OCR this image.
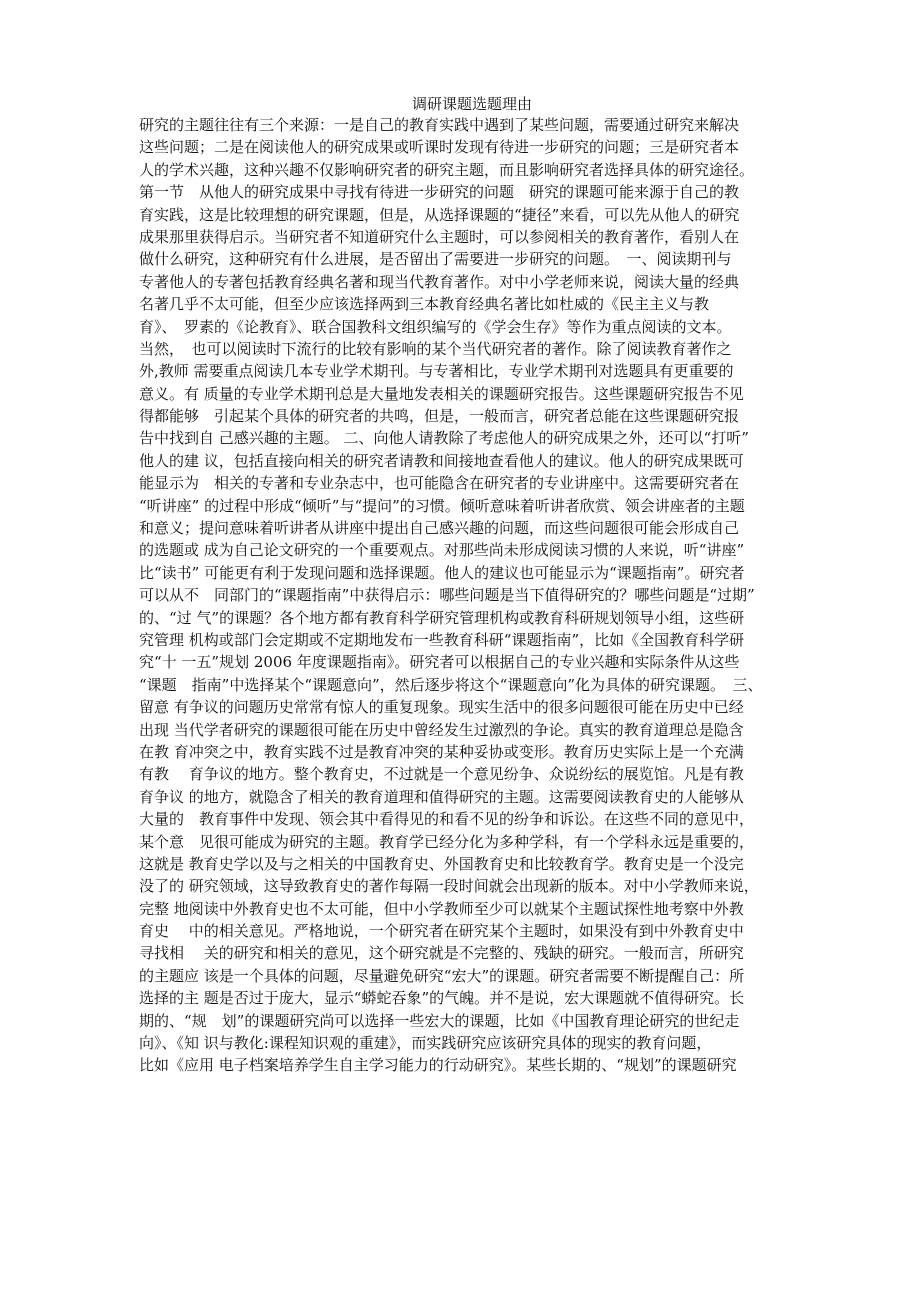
调研课题选题理由
研究的主题往往有三个来源：一是自己的教育实践中遇到了某些问题，需要通过研究来解决
这些问题；二是在阅读他人的研究成果或听课时发现有待进一步研究的问题；三是研究者本
人的学术兴趣，这种兴趣不仅影响研究者的研究主题，而且影响研究者选择具体的研究途径。
第一节　从他人的研究成果中寻找有待进一步研究的问题　研究的课题可能来源于自己的教
育实践，这是比较理想的研究课题，但是，从选择课题的“捷径”来看，可以先从他人的研究
成果那里获得启示。当研究者不知道研究什么主题时，可以参阅相关的教育著作，看别人在
做什么研究，这种研究有什么进展，是否留出了需要进一步研究的问题。　一、阅读期刊与
专著他人的专著包括教育经典名著和现当代教育著作。对中小学老师来说，阅读大量的经典
名著几乎不太可能，但至少应该选择两到三本教育经典名著比如杜威的《民主主义与教
育》、　罗素的《论教育》、联合国教科文组织编写的《学会生存》等作为重点阅读的文本。
当然，　也可以阅读时下流行的比较有影响的某个当代研究者的著作。除了阅读教育著作之
外,教师 需要重点阅读几本专业学术期刊。与专著相比，专业学术期刊对选题具有更重要的
意义。有 质量的专业学术期刊总是大量地发表相关的课题研究报告。这些课题研究报告不见
得都能够　引起某个具体的研究者的共鸣，但是，一般而言，研究者总能在这些课题研究报
告中找到自 己感兴趣的主题。 二、向他人请教除了考虑他人的研究成果之外，还可以“打听”
他人的建 议，包括直接向相关的研究者请教和间接地查看他人的建议。他人的研究成果既可
能显示为　相关的专著和专业杂志中，也可能隐含在研究者的专业讲座中。这需要研究者在
“听讲座” 的过程中形成“倾听”与“提问”的习惯。倾听意味着听讲者欣赏、领会讲座者的主题
和意义；提问意味着听讲者从讲座中提出自己感兴趣的问题，而这些问题很可能会形成自己
的选题或 成为自己论文研究的一个重要观点。对那些尚未形成阅读习惯的人来说，听“讲座”
比“读书” 可能更有利于发现问题和选择课题。他人的建议也可能显示为“课题指南”。研究者
可以从不　同部门的“课题指南”中获得启示：哪些问题是当下值得研究的？哪些问题是“过期”
的、“过 气”的课题？各个地方都有教育科学研究管理机构或教育科研规划领导小组，这些研
究管理 机构或部门会定期或不定期地发布一些教育科研“课题指南”，比如《全国教育科学研
究“十 一五”规划 2006 年度课题指南》。研究者可以根据自己的专业兴趣和实际条件从这些
“课题　指南”中选择某个“课题意向”，然后逐步将这个“课题意向”化为具体的研究课题。　三、
留意 有争议的问题历史常常有惊人的重复现象。现实生活中的很多问题很可能在历史中已经
出现 当代学者研究的课题很可能在历史中曾经发生过激烈的争论。真实的教育道理总是隐含
在教 育冲突之中，教育实践不过是教育冲突的某种妥协或变形。教育历史实际上是一个充满
有教　 育争议的地方。整个教育史，不过就是一个意见纷争、众说纷纭的展览馆。凡是有教
育争议 的地方，就隐含了相关的教育道理和值得研究的主题。这需要阅读教育史的人能够从
大量的　教育事件中发现、领会其中看得见的和看不见的纷争和诉讼。在这些不同的意见中，
某个意　见很可能成为研究的主题。教育学已经分化为多种学科，有一个学科永远是重要的，
这就是 教育史学以及与之相关的中国教育史、外国教育史和比较教育学。教育史是一个没完
没了的 研究领域，这导致教育史的著作每隔一段时间就会出现新的版本。对中小学教师来说，
完整 地阅读中外教育史也不太可能，但中小学教师至少可以就某个主题试探性地考察中外教
育史　 中的相关意见。严格地说，一个研究者在研究某个主题时，如果没有到中外教育史中
寻找相　 关的研究和相关的意见，这个研究就是不完整的、残缺的研究。一般而言，所研究
的主题应 该是一个具体的问题，尽量避免研究“宏大”的课题。研究者需要不断提醒自己：所
选择的主 题是否过于庞大，显示“蟒蛇吞象”的气魄。并不是说，宏大课题就不值得研究。长
期的、“规　划”的课题研究尚可以选择一些宏大的课题，比如《中国教育理论研究的世纪走
向》、《知 识与教化:课程知识观的重建》，而实践研究应该研究具体的现实的教育问题，
比如《应用 电子档案培养学生自主学习能力的行动研究》。某些长期的、“规划”的课题研究
